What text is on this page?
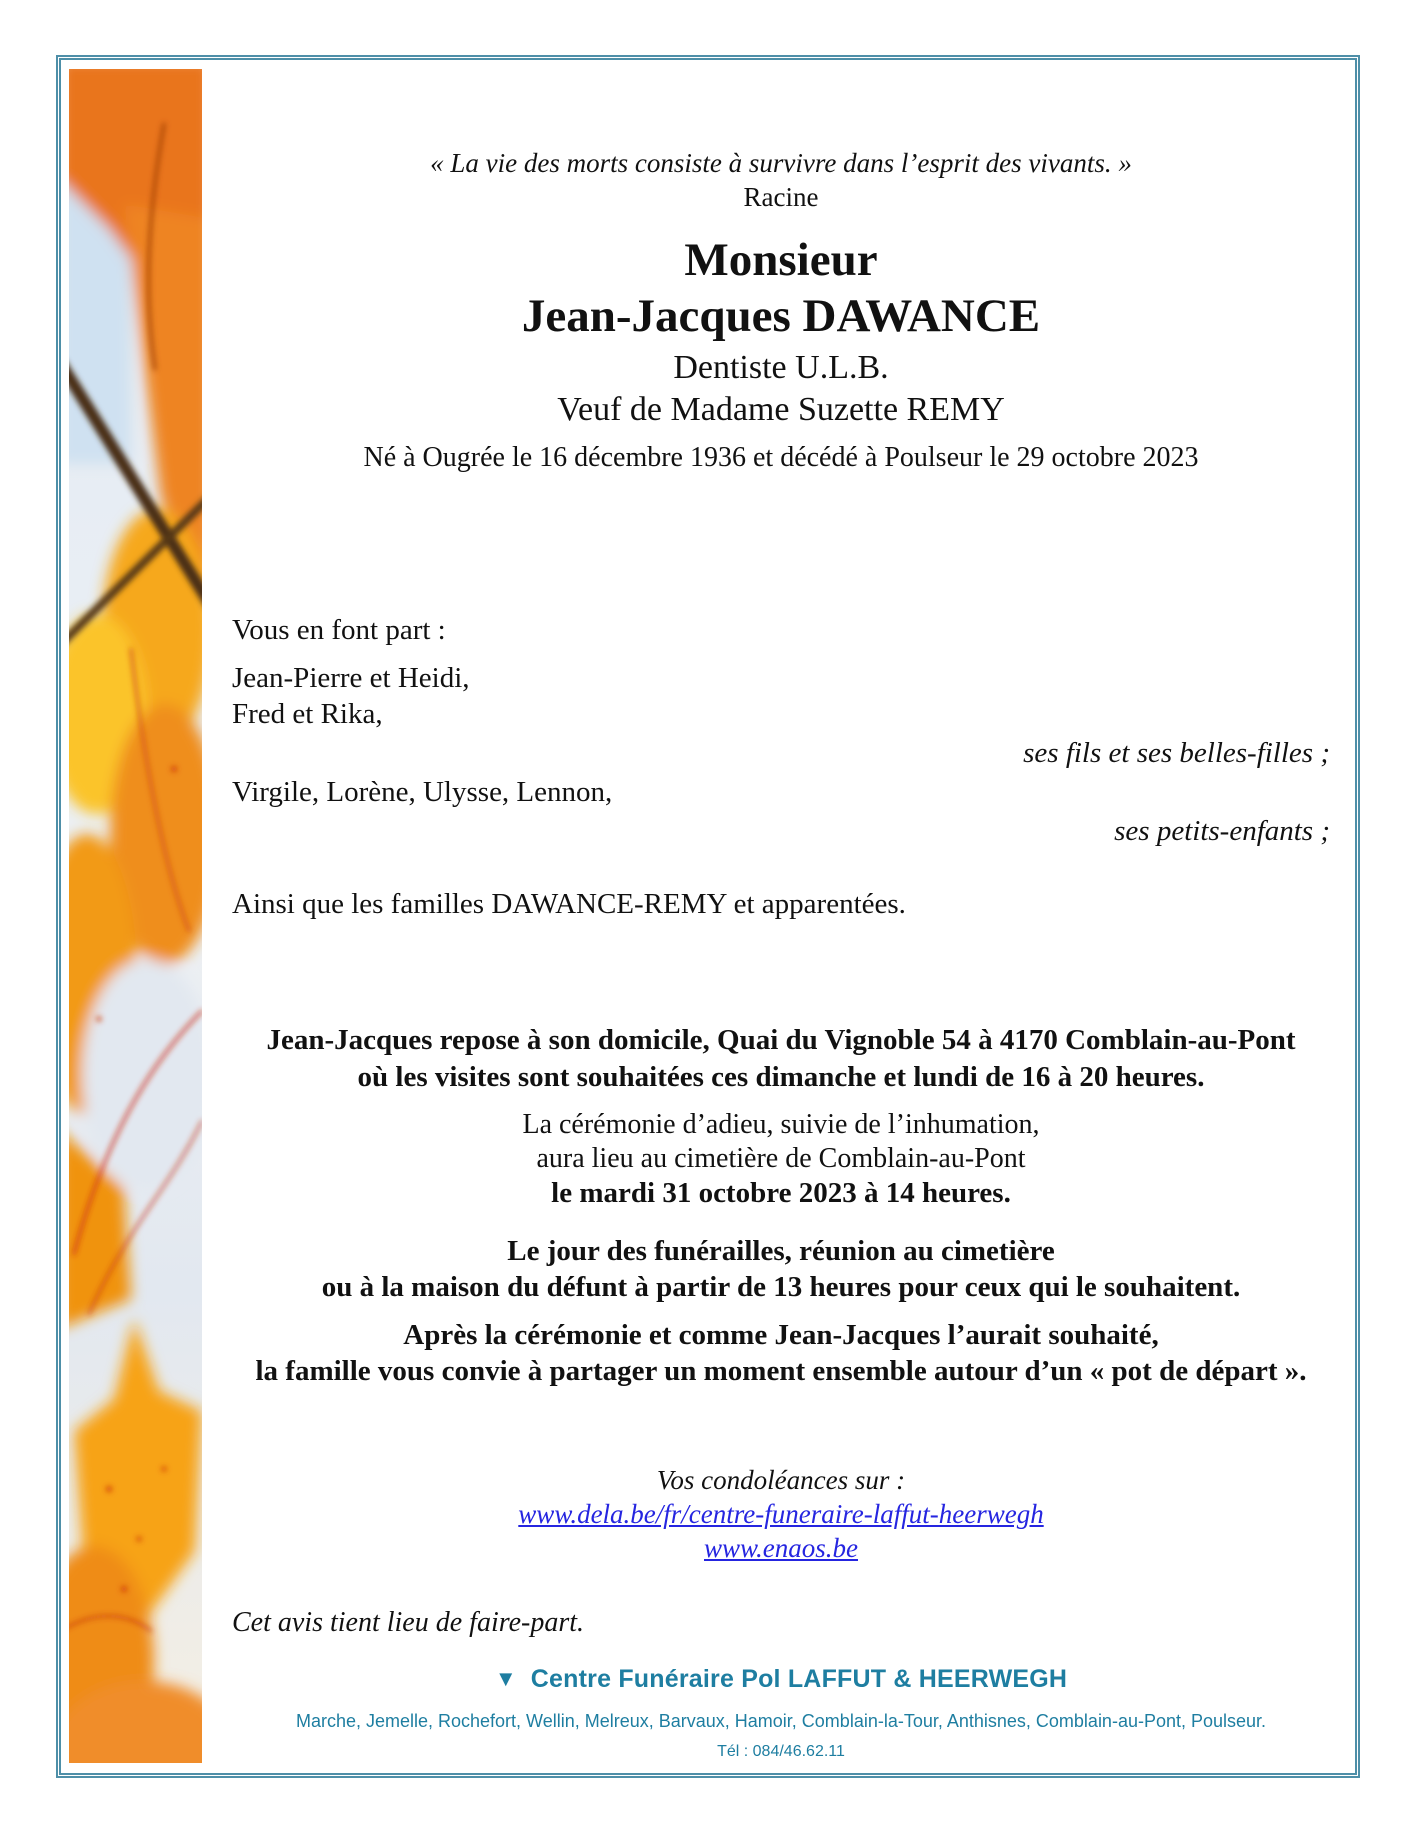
« La vie des morts consiste à survivre dans l’esprit des vivants. »

Racine

Monsieur

Jean-Jacques DAWANCE

Dentiste U.L.B.

Veuf de Madame Suzette REMY

Né à Ougrée le 16 décembre 1936 et décédé à Poulseur le 29 octobre 2023

Vous en font part :

Jean-Pierre et Heidi,

Fred et Rika,

ses fils et ses belles-filles ;

Virgile, Lorène, Ulysse, Lennon,

ses petits-enfants ;

Ainsi que les familles DAWANCE-REMY et apparentées.

Jean-Jacques repose à son domicile, Quai du Vignoble 54 à 4170 Comblain-au-Pont

où les visites sont souhaitées ces dimanche et lundi de 16 à 20 heures.

La cérémonie d’adieu, suivie de l’inhumation,

aura lieu au cimetière de Comblain-au-Pont

le mardi 31 octobre 2023 à 14 heures.

Le jour des funérailles, réunion au cimetière

ou à la maison du défunt à partir de 13 heures pour ceux qui le souhaitent.

Après la cérémonie et comme Jean-Jacques l’aurait souhaité,

la famille vous convie à partager un moment ensemble autour d’un « pot de départ ».

Vos condoléances sur :

www.dela.be/fr/centre-funeraire-laffut-heerwegh
www.enaos.be

Cet avis tient lieu de faire-part.

▼ Centre Funéraire Pol LAFFUT & HEERWEGH

Marche, Jemelle, Rochefort, Wellin, Melreux, Barvaux, Hamoir, Comblain-la-Tour, Anthisnes, Comblain-au-Pont, Poulseur.

Tél : 084/46.62.11
